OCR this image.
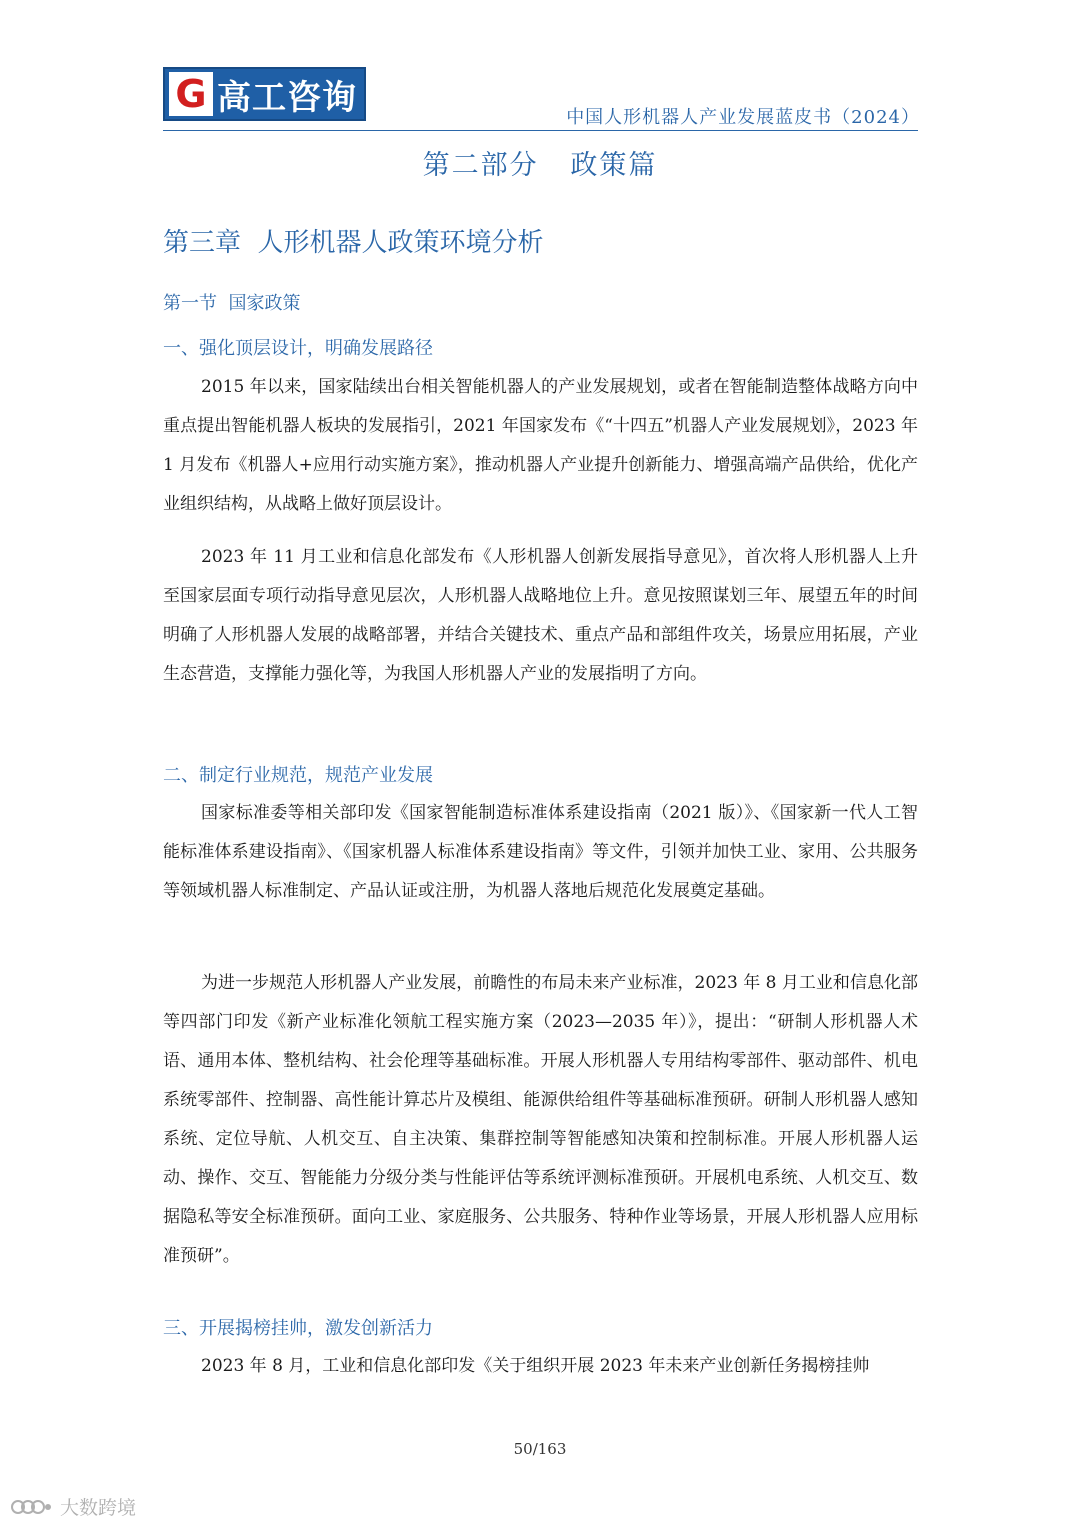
G 高工咨询	中国人形机器人产业发展蓝皮书（2024）
第二部分   政策篇
第三章  人形机器人政策环境分析
第一节  国家政策
一、强化顶层设计，明确发展路径

2015 年以来，国家陆续出台相关智能机器人的产业发展规划，或者在智能制造整体战略方向中重点提出智能机器人板块的发展指引，2021 年国家发布《“十四五”机器人产业发展规划》，2023 年 1 月发布《机器人+应用行动实施方案》，推动机器人产业提升创新能力、增强高端产品供给，优化产业组织结构，从战略上做好顶层设计。

2023 年 11 月工业和信息化部发布《人形机器人创新发展指导意见》，首次将人形机器人上升至国家层面专项行动指导意见层次，人形机器人战略地位上升。意见按照谋划三年、展望五年的时间明确了人形机器人发展的战略部署，并结合关键技术、重点产品和部组件攻关，场景应用拓展，产业生态营造，支撑能力强化等，为我国人形机器人产业的发展指明了方向。

二、制定行业规范，规范产业发展

国家标准委等相关部印发《国家智能制造标准体系建设指南（2021 版）》、《国家新一代人工智能标准体系建设指南》、《国家机器人标准体系建设指南》等文件，引领并加快工业、家用、公共服务等领域机器人标准制定、产品认证或注册，为机器人落地后规范化发展奠定基础。

为进一步规范人形机器人产业发展，前瞻性的布局未来产业标准，2023 年 8 月工业和信息化部等四部门印发《新产业标准化领航工程实施方案（2023—2035 年）》，提出：“研制人形机器人术语、通用本体、整机结构、社会伦理等基础标准。开展人形机器人专用结构零部件、驱动部件、机电系统零部件、控制器、高性能计算芯片及模组、能源供给组件等基础标准预研。研制人形机器人感知系统、定位导航、人机交互、自主决策、集群控制等智能感知决策和控制标准。开展人形机器人运动、操作、交互、智能能力分级分类与性能评估等系统评测标准预研。开展机电系统、人机交互、数据隐私等安全标准预研。面向工业、家庭服务、公共服务、特种作业等场景，开展人形机器人应用标准预研”。

三、开展揭榜挂帅，激发创新活力

2023 年 8 月，工业和信息化部印发《关于组织开展 2023 年未来产业创新任务揭榜挂帅

50/163
大数跨境
